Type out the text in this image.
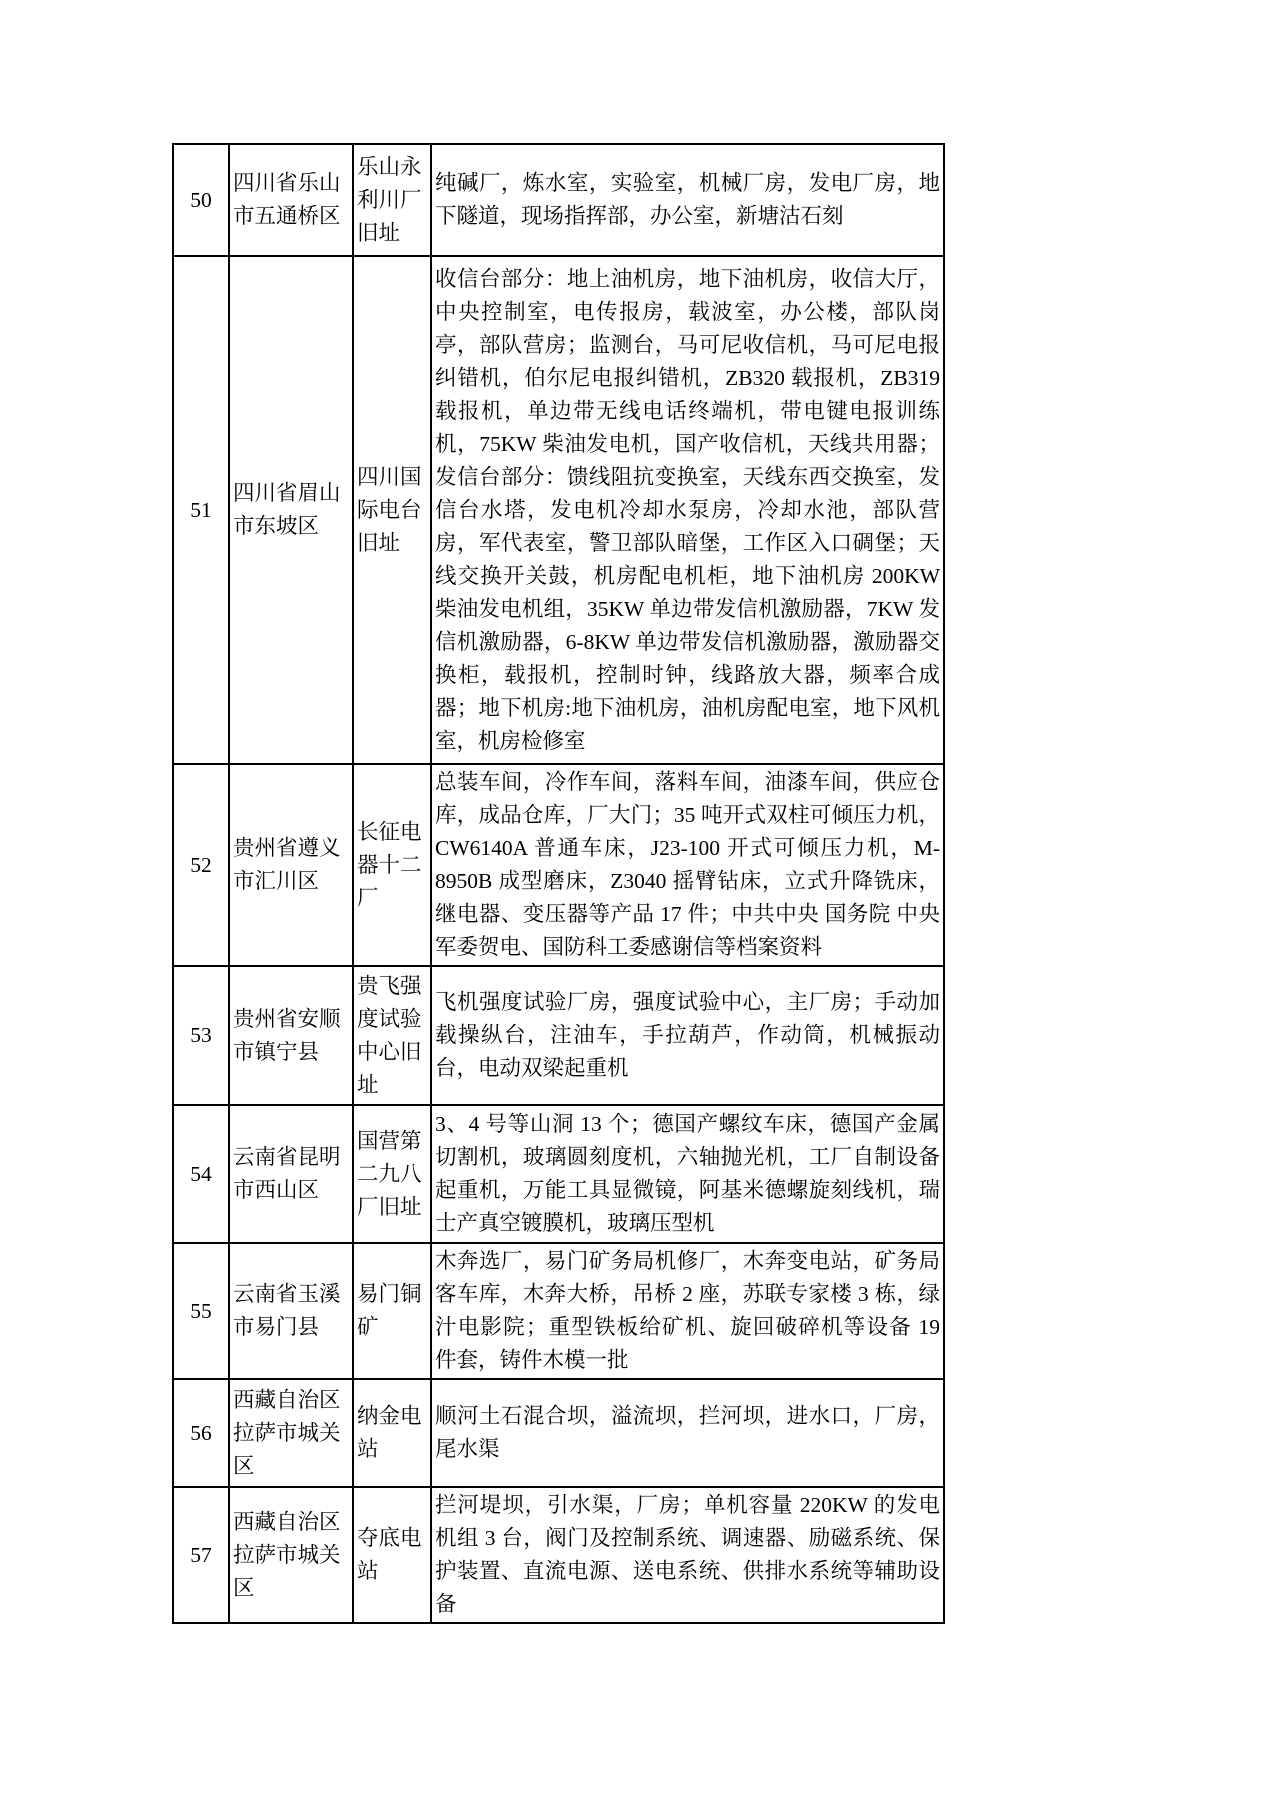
50	四川省乐山市五通桥区	乐山永利川厂旧址	纯碱厂，炼水室，实验室，机械厂房，发电厂房，地下隧道，现场指挥部，办公室，新塘沽石刻
51	四川省眉山市东坡区	四川国际电台旧址	收信台部分：地上油机房，地下油机房，收信大厅，中央控制室，电传报房，载波室，办公楼，部队岗亭，部队营房；监测台，马可尼收信机，马可尼电报纠错机，伯尔尼电报纠错机，ZB320 载报机，ZB319 载报机，单边带无线电话终端机，带电键电报训练机，75KW 柴油发电机，国产收信机，天线共用器；发信台部分：馈线阻抗变换室，天线东西交换室，发信台水塔，发电机冷却水泵房，冷却水池，部队营房，军代表室，警卫部队暗堡，工作区入口碉堡；天线交换开关鼓，机房配电机柜，地下油机房 200KW 柴油发电机组，35KW 单边带发信机激励器，7KW 发信机激励器，6-8KW 单边带发信机激励器，激励器交换柜，载报机，控制时钟，线路放大器，频率合成器；地下机房:地下油机房，油机房配电室，地下风机室，机房检修室
52	贵州省遵义市汇川区	长征电器十二厂	总装车间，冷作车间，落料车间，油漆车间，供应仓库，成品仓库，厂大门；35 吨开式双柱可倾压力机，CW6140A 普通车床，J23-100 开式可倾压力机，M-8950B 成型磨床，Z3040 摇臂钻床，立式升降铣床，继电器、变压器等产品 17 件；中共中央 国务院 中央军委贺电、国防科工委感谢信等档案资料
53	贵州省安顺市镇宁县	贵飞强度试验中心旧址	飞机强度试验厂房，强度试验中心，主厂房；手动加载操纵台，注油车，手拉葫芦，作动筒，机械振动台，电动双梁起重机
54	云南省昆明市西山区	国营第二九八厂旧址	3、4 号等山洞 13 个；德国产螺纹车床，德国产金属切割机，玻璃圆刻度机，六轴抛光机，工厂自制设备起重机，万能工具显微镜，阿基米德螺旋刻线机，瑞士产真空镀膜机，玻璃压型机
55	云南省玉溪市易门县	易门铜矿	木奔选厂，易门矿务局机修厂，木奔变电站，矿务局客车库，木奔大桥，吊桥 2 座，苏联专家楼 3 栋，绿汁电影院；重型铁板给矿机、旋回破碎机等设备 19 件套，铸件木模一批
56	西藏自治区拉萨市城关区	纳金电站	顺河土石混合坝，溢流坝，拦河坝，进水口，厂房，尾水渠
57	西藏自治区拉萨市城关区	夺底电站	拦河堤坝，引水渠，厂房；单机容量 220KW 的发电机组 3 台，阀门及控制系统、调速器、励磁系统、保护装置、直流电源、送电系统、供排水系统等辅助设备
